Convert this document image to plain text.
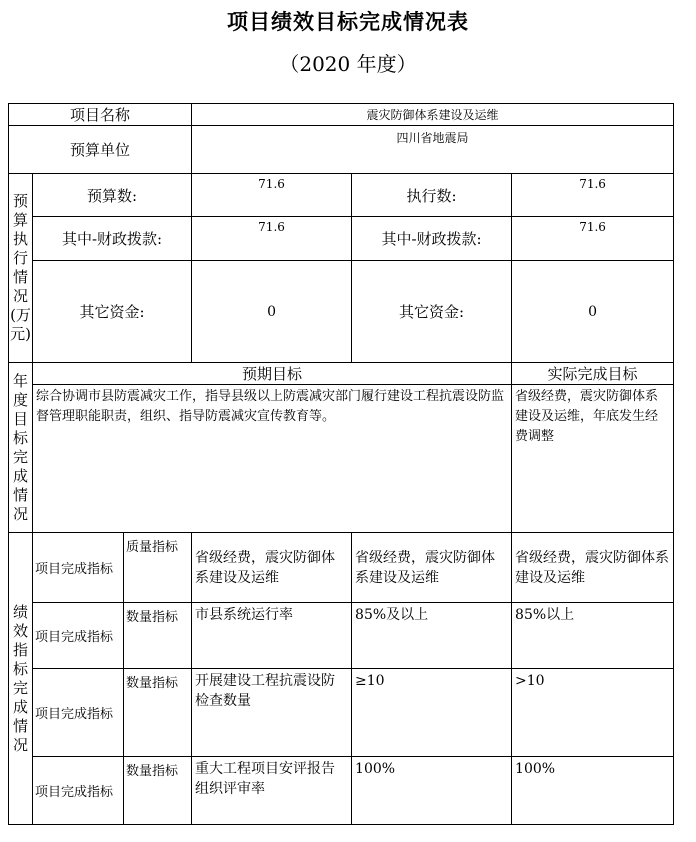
项目绩效目标完成情况表
（2020 年度）
项目名称			震灾防御体系建设及运维		
预算单位			四川省地震局		
预算执行情况(万元)	预算数:		71.6	执行数:	71.6
	其中-财政拨款:		71.6	其中-财政拨款:	71.6
	其它资金:		0	其它资金:	0
年度目标完成情况	预期目标				实际完成目标
	综合协调市县防震减灾工作，指导县级以上防震减灾部门履行建设工程抗震设防监督管理职能职责，组织、指导防震减灾宣传教育等。				省级经费，震灾防御体系建设及运维，年底发生经费调整
绩效指标完成情况	项目完成指标	质量指标	省级经费，震灾防御体系建设及运维	省级经费，震灾防御体系建设及运维	省级经费，震灾防御体系建设及运维
	项目完成指标	数量指标	市县系统运行率	85%及以上	85%以上
	项目完成指标	数量指标	开展建设工程抗震设防检查数量	≥10	>10
	项目完成指标	数量指标	重大工程项目安评报告组织评审率	100%	100%
